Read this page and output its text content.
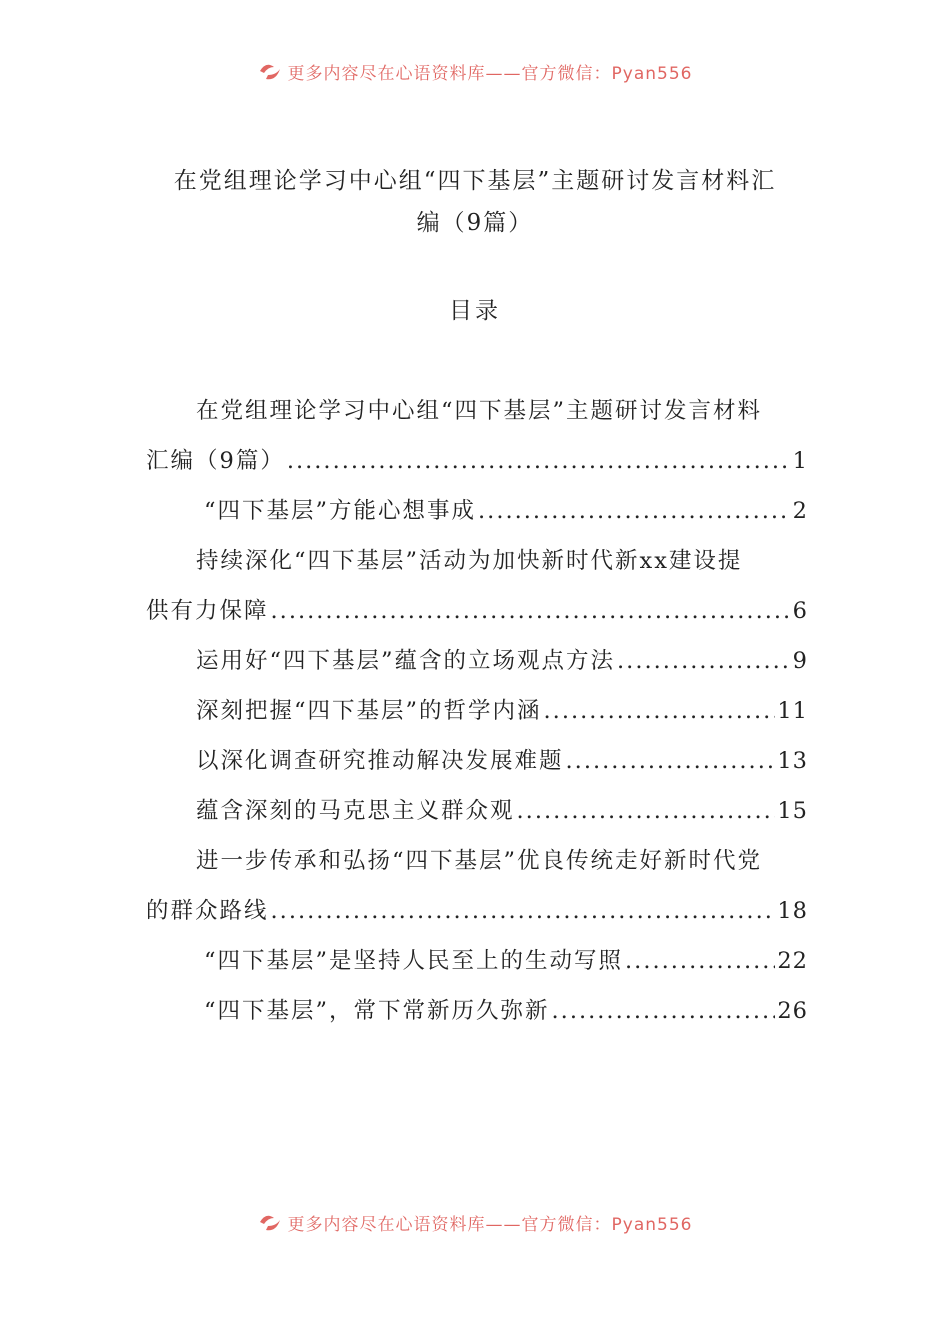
更多内容尽在心语资料库——官方微信：Pyan556
在党组理论学习中心组“四下基层”主题研讨发言材料汇
编（9篇）
目录
在党组理论学习中心组“四下基层”主题研讨发言材料
汇编（9篇） .....	1
“四下基层”方能心想事成 .....	2
持续深化“四下基层”活动为加快新时代新xx建设提
供有力保障 .....	6
运用好“四下基层”蕴含的立场观点方法 .....	9
深刻把握“四下基层”的哲学内涵 .....	11
以深化调查研究推动解决发展难题 .....	13
蕴含深刻的马克思主义群众观 .....	15
进一步传承和弘扬“四下基层”优良传统走好新时代党
的群众路线 .....	18
“四下基层”是坚持人民至上的生动写照 .....	22
“四下基层”，常下常新历久弥新 .....	26
更多内容尽在心语资料库——官方微信：Pyan556
